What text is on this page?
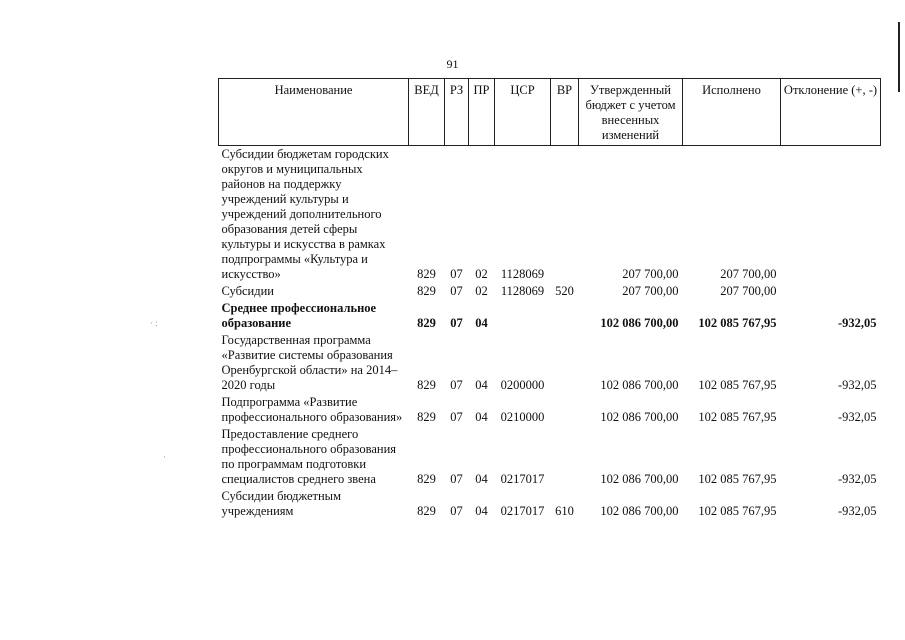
91
· :
·
Наименование	ВЕД	РЗ	ПР	ЦСР	ВР	Утвержденный бюджет с учетом внесенных изменений	Исполнено	Отклонение (+, -)
Субсидии бюджетам городских округов и муниципальных районов на поддержку учреждений культуры и учреждений дополнительного образования детей сферы культуры и искусства в рамках подпрограммы «Культура и искусство»	829	07	02	1128069		207 700,00	207 700,00	
Субсидии	829	07	02	1128069	520	207 700,00	207 700,00	
Среднее профессиональное образование	829	07	04			102 086 700,00	102 085 767,95	-932,05
Государственная программа «Развитие системы образования Оренбургской области» на 2014–2020 годы	829	07	04	0200000		102 086 700,00	102 085 767,95	-932,05
Подпрограмма «Развитие профессионального образования»	829	07	04	0210000		102 086 700,00	102 085 767,95	-932,05
Предоставление среднего профессионального образования по программам подготовки специалистов среднего звена	829	07	04	0217017		102 086 700,00	102 085 767,95	-932,05
Субсидии бюджетным учреждениям	829	07	04	0217017	610	102 086 700,00	102 085 767,95	-932,05
